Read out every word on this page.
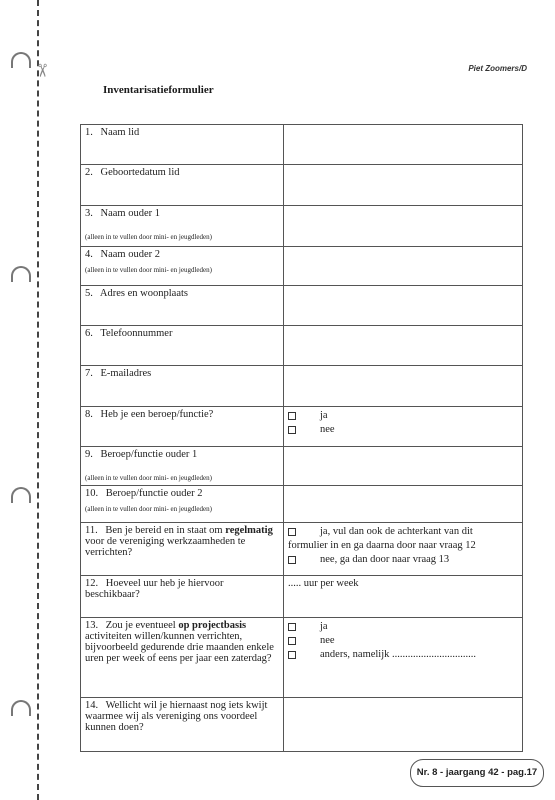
✂	Piet Zoomers/D
Inventarisatieformulier
1. Naam lid	
2. Geboortedatum lid	
3. Naam ouder 1
(alleen in te vullen door mini- en jeugdleden)	

4. Naam ouder 2
(alleen in te vullen door mini- en jeugdleden)	

5. Adres en woonplaats	
6. Telefoonnummer	
7. E-mailadres	
8. Heb je een beroep/functie?	ja
nee

9. Beroep/functie ouder 1
(alleen in te vullen door mini- en jeugdleden)	

10. Beroep/functie ouder 2
(alleen in te vullen door mini- en jeugdleden)	

11. Ben je bereid en in staat om regelmatig voor de vereniging werkzaamheden te verrichten?	ja, vul dan ook de achterkant van dit
formulier in en ga daarna door naar vraag 12
nee, ga dan door naar vraag 13

12. Hoeveel uur heb je hiervoor beschikbaar?	..... uur per week
13. Zou je eventueel op projectbasis activiteiten willen/kunnen verrichten, bijvoorbeeld gedurende drie maanden enkele uren per week of eens per jaar een zaterdag?	ja
nee
anders, namelijk ................................

14. Wellicht wil je hiernaast nog iets kwijt waarmee wij als vereniging ons voordeel kunnen doen?	
Nr. 8 - jaargang 42 - pag.17
